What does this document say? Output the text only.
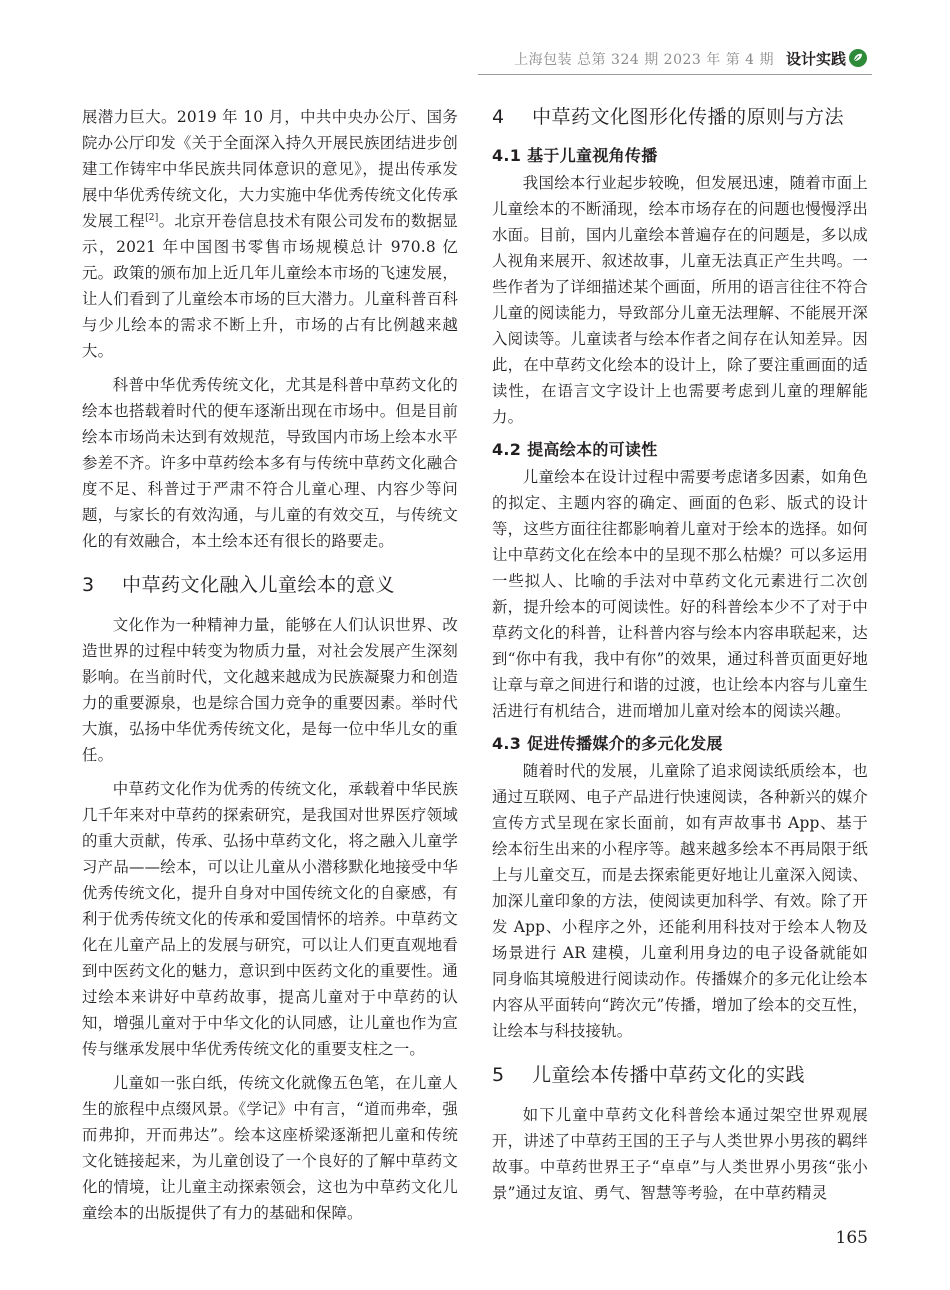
上海包装 总第 324 期 2023 年 第 4 期 设计实践

展潜力巨大。2019 年 10 月，中共中央办公厅、国务院办公厅印发《关于全面深入持久开展民族团结进步创建工作铸牢中华民族共同体意识的意见》，提出传承发展中华优秀传统文化，大力实施中华优秀传统文化传承发展工程[2]。北京开卷信息技术有限公司发布的数据显示，2021 年中国图书零售市场规模总计 970.8 亿元。政策的颁布加上近几年儿童绘本市场的飞速发展，让人们看到了儿童绘本市场的巨大潜力。儿童科普百科与少儿绘本的需求不断上升，市场的占有比例越来越大。

科普中华优秀传统文化，尤其是科普中草药文化的绘本也搭载着时代的便车逐渐出现在市场中。但是目前绘本市场尚未达到有效规范，导致国内市场上绘本水平参差不齐。许多中草药绘本多有与传统中草药文化融合度不足、科普过于严肃不符合儿童心理、内容少等问题，与家长的有效沟通，与儿童的有效交互，与传统文化的有效融合，本土绘本还有很长的路要走。

3 中草药文化融入儿童绘本的意义

文化作为一种精神力量，能够在人们认识世界、改造世界的过程中转变为物质力量，对社会发展产生深刻影响。在当前时代，文化越来越成为民族凝聚力和创造力的重要源泉，也是综合国力竞争的重要因素。举时代大旗，弘扬中华优秀传统文化，是每一位中华儿女的重任。

中草药文化作为优秀的传统文化，承载着中华民族几千年来对中草药的探索研究，是我国对世界医疗领域的重大贡献，传承、弘扬中草药文化，将之融入儿童学习产品——绘本，可以让儿童从小潜移默化地接受中华优秀传统文化，提升自身对中国传统文化的自豪感，有利于优秀传统文化的传承和爱国情怀的培养。中草药文化在儿童产品上的发展与研究，可以让人们更直观地看到中医药文化的魅力，意识到中医药文化的重要性。通过绘本来讲好中草药故事，提高儿童对于中草药的认知，增强儿童对于中华文化的认同感，让儿童也作为宣传与继承发展中华优秀传统文化的重要支柱之一。

儿童如一张白纸，传统文化就像五色笔，在儿童人生的旅程中点缀风景。《学记》中有言，“道而弗牵，强而弗抑，开而弗达”。绘本这座桥梁逐渐把儿童和传统文化链接起来，为儿童创设了一个良好的了解中草药文化的情境，让儿童主动探索领会，这也为中草药文化儿童绘本的出版提供了有力的基础和保障。

4 中草药文化图形化传播的原则与方法
4.1 基于儿童视角传播

我国绘本行业起步较晚，但发展迅速，随着市面上儿童绘本的不断涌现，绘本市场存在的问题也慢慢浮出水面。目前，国内儿童绘本普遍存在的问题是，多以成人视角来展开、叙述故事，儿童无法真正产生共鸣。一些作者为了详细描述某个画面，所用的语言往往不符合儿童的阅读能力，导致部分儿童无法理解、不能展开深入阅读等。儿童读者与绘本作者之间存在认知差异。因此，在中草药文化绘本的设计上，除了要注重画面的适读性，在语言文字设计上也需要考虑到儿童的理解能力。

4.2 提高绘本的可读性

儿童绘本在设计过程中需要考虑诸多因素，如角色的拟定、主题内容的确定、画面的色彩、版式的设计等，这些方面往往都影响着儿童对于绘本的选择。如何让中草药文化在绘本中的呈现不那么枯燥？可以多运用一些拟人、比喻的手法对中草药文化元素进行二次创新，提升绘本的可阅读性。好的科普绘本少不了对于中草药文化的科普，让科普内容与绘本内容串联起来，达到“你中有我，我中有你”的效果，通过科普页面更好地让章与章之间进行和谐的过渡，也让绘本内容与儿童生活进行有机结合，进而增加儿童对绘本的阅读兴趣。

4.3 促进传播媒介的多元化发展

随着时代的发展，儿童除了追求阅读纸质绘本，也通过互联网、电子产品进行快速阅读，各种新兴的媒介宣传方式呈现在家长面前，如有声故事书 App、基于绘本衍生出来的小程序等。越来越多绘本不再局限于纸上与儿童交互，而是去探索能更好地让儿童深入阅读、加深儿童印象的方法，使阅读更加科学、有效。除了开发 App、小程序之外，还能利用科技对于绘本人物及场景进行 AR 建模，儿童利用身边的电子设备就能如同身临其境般进行阅读动作。传播媒介的多元化让绘本内容从平面转向“跨次元”传播，增加了绘本的交互性，让绘本与科技接轨。

5 儿童绘本传播中草药文化的实践

如下儿童中草药文化科普绘本通过架空世界观展开，讲述了中草药王国的王子与人类世界小男孩的羁绊故事。中草药世界王子“卓卓”与人类世界小男孩“张小景”通过友谊、勇气、智慧等考验，在中草药精灵

165
